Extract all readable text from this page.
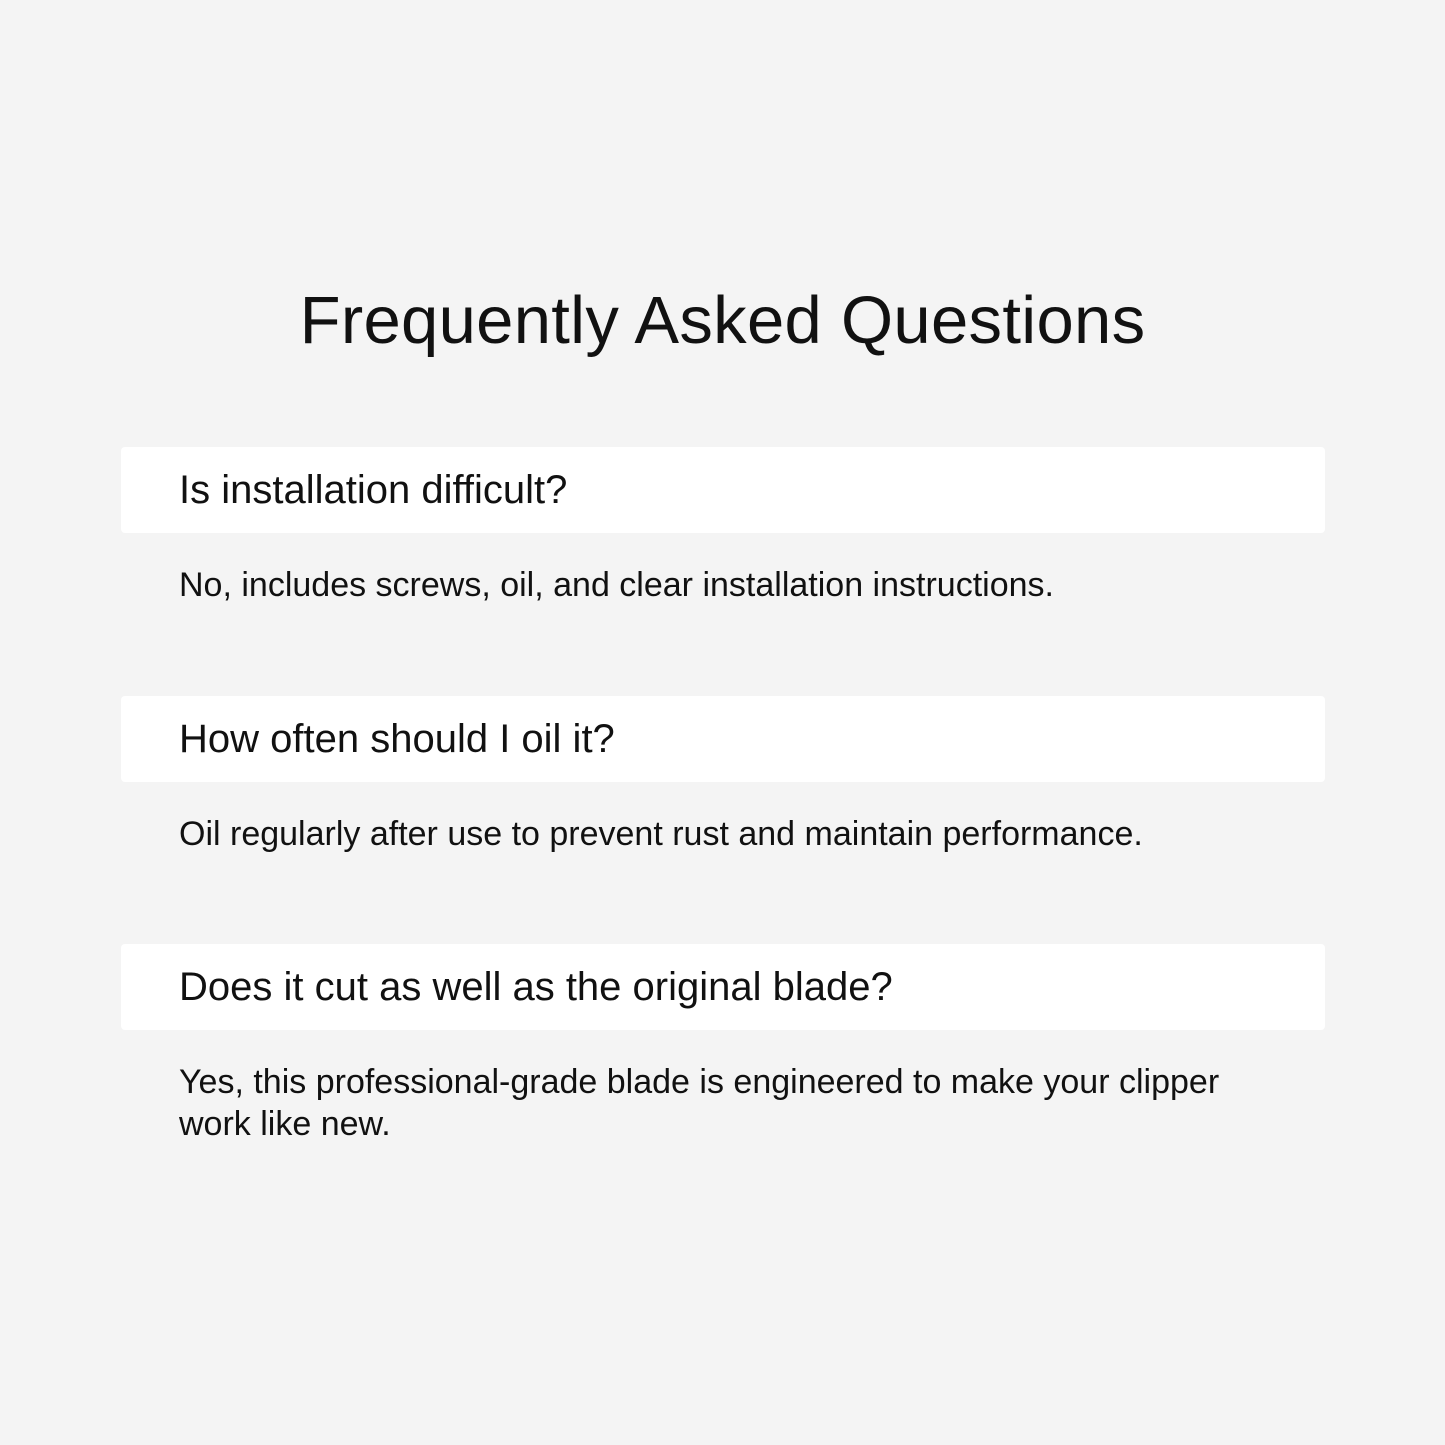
Frequently Asked Questions
Is installation difficult?

No, includes screws, oil, and clear installation instructions.

How often should I oil it?

Oil regularly after use to prevent rust and maintain performance.

Does it cut as well as the original blade?

Yes, this professional-grade blade is engineered to make your clipper work like new.
